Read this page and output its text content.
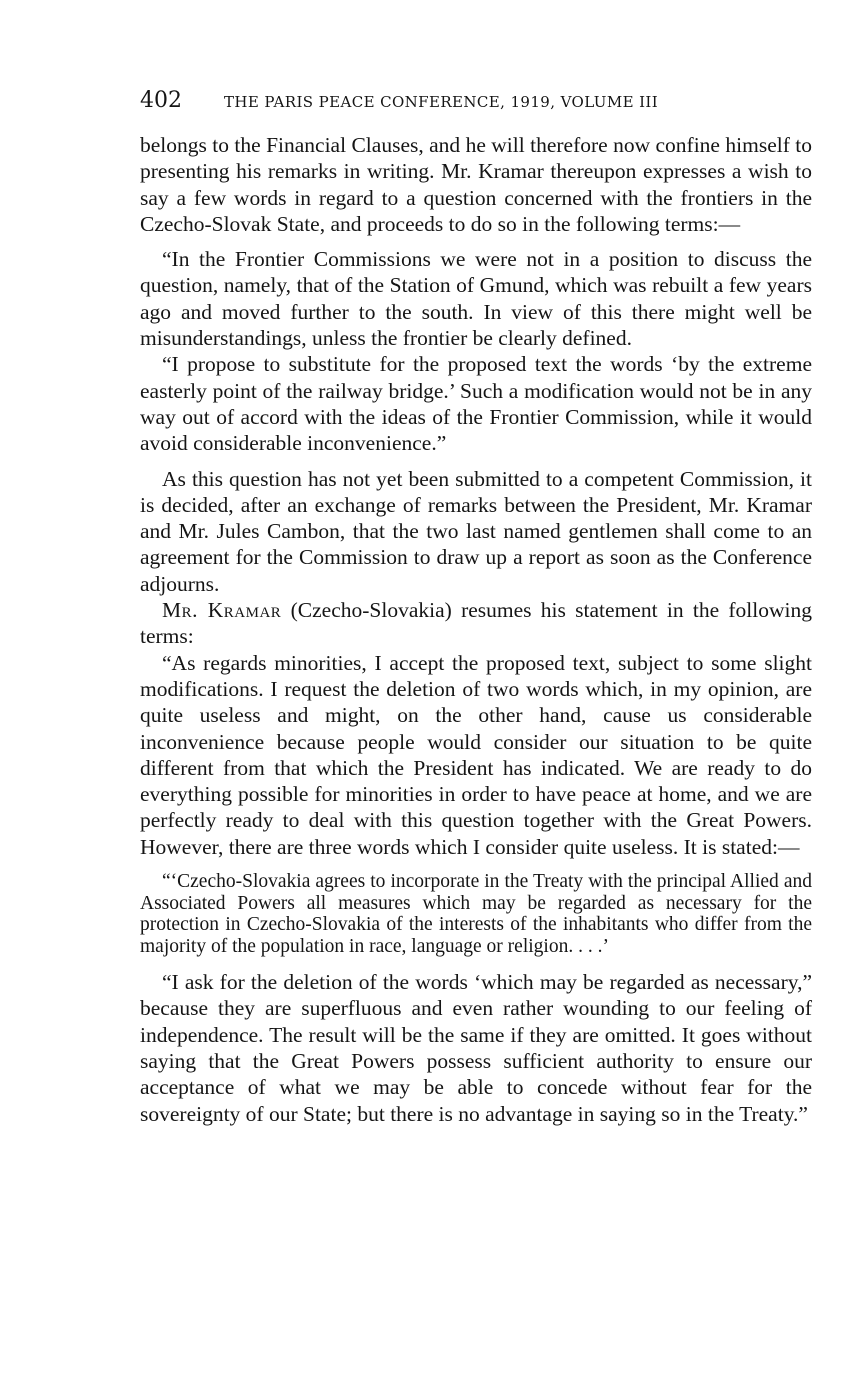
402	THE PARIS PEACE CONFERENCE, 1919, VOLUME III

belongs to the Financial Clauses, and he will therefore now confine himself to presenting his remarks in writing. Mr. Kramar thereupon expresses a wish to say a few words in regard to a question concerned with the frontiers in the Czecho-Slovak State, and proceeds to do so in the following terms:—

“In the Frontier Commissions we were not in a position to discuss the question, namely, that of the Station of Gmund, which was rebuilt a few years ago and moved further to the south. In view of this there might well be misunderstandings, unless the frontier be clearly defined.

“I propose to substitute for the proposed text the words ‘by the extreme easterly point of the railway bridge.’ Such a modification would not be in any way out of accord with the ideas of the Frontier Commission, while it would avoid considerable inconvenience.”

As this question has not yet been submitted to a competent Commission, it is decided, after an exchange of remarks between the President, Mr. Kramar and Mr. Jules Cambon, that the two last named gentlemen shall come to an agreement for the Commission to draw up a report as soon as the Conference adjourns.

Mr. Kramar (Czecho-Slovakia) resumes his statement in the following terms:

“As regards minorities, I accept the proposed text, subject to some slight modifications. I request the deletion of two words which, in my opinion, are quite useless and might, on the other hand, cause us considerable inconvenience because people would consider our situation to be quite different from that which the President has indicated. We are ready to do everything possible for minorities in order to have peace at home, and we are perfectly ready to deal with this question together with the Great Powers. However, there are three words which I consider quite useless. It is stated:—

“‘Czecho-Slovakia agrees to incorporate in the Treaty with the principal Allied and Associated Powers all measures which may be regarded as necessary for the protection in Czecho-Slovakia of the interests of the inhabitants who differ from the majority of the population in race, language or religion. . . .’

“I ask for the deletion of the words ‘which may be regarded as necessary,” because they are superfluous and even rather wounding to our feeling of independence. The result will be the same if they are omitted. It goes without saying that the Great Powers possess sufficient authority to ensure our acceptance of what we may be able to concede without fear for the sovereignty of our State; but there is no advantage in saying so in the Treaty.”
